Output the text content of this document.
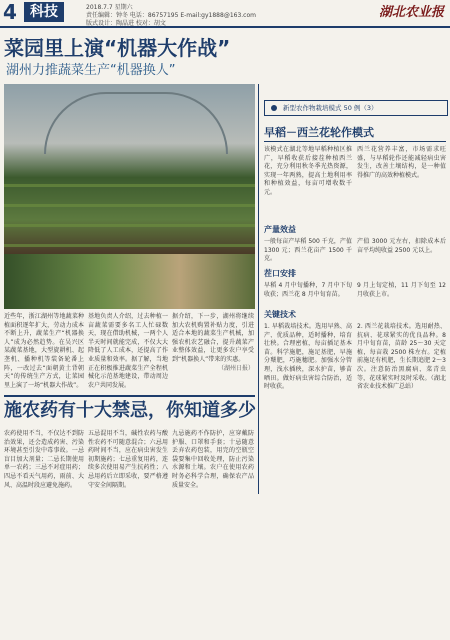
4 科技	2018.7.7 星期六
责任编辑：钟冬 电话：86757195 E-mail:gy1888@163.com
版式设计：陶晶进 校对：胡文
湖北农业报
菜园里上演“机器大作战”
湖州力推蔬菜生产“机器换人”

近些年，浙江湖州等地蔬菜种植面积逐年扩大，劳动力成本不断上升，蔬菜生产“机器换人”成为必然趋势。在吴兴区某蔬菜基地，大型旋耕机、起垄机、播种机等装备轮番上阵，一改过去“面朝黄土背朝天”的传统生产方式，让菜园里上演了一场“机器大作战”。

基地负责人介绍，过去种植一亩蔬菜需要多名工人忙碌数天，现在借助机械，一两个人半天时间就能完成，不仅大大降低了人工成本，还提高了作业质量和效率。据了解，当地正在积极推进蔬菜生产全程机械化示范基地建设，带动周边农户共同发展。

据介绍，下一步，湖州将继续加大农机购置补贴力度，引进适合本地的蔬菜生产机械，加强农机农艺融合，提升蔬菜产业整体效益，让更多农户享受到“机器换人”带来的实惠。

（湖州日报）

施农药有十大禁忌，你知道多少

农药使用不当，不仅达不到防治效果，还会造成药害、污染环境甚至引发中毒事故。一忌盲目加大剂量；二忌长期使用单一农药；三忌不对症用药；四忌不看天气用药，雨前、大风、高温时段应避免施药。

五忌混用不当，碱性农药与酸性农药不可随意混合；六忌用药时间不当，应在病虫害发生初期施药；七忌重复用药，连续多次使用易产生抗药性；八忌用药后立即采收，要严格遵守安全间隔期。

九忌施药不作防护，应穿戴防护服、口罩和手套；十忌随意丢弃农药包装，用完的空瓶空袋要集中回收处理，防止污染水源和土壤。农户在使用农药时务必科学合理，确保农产品质量安全。

新型农作物栽培模式 50 例（3）
早稻－西兰花轮作模式
该模式在湖北等地早稻种植区推广，早稻收获后接茬种植西兰花，充分利用秋冬季光热资源，实现一年两熟，提高土地利用率和种植效益，每亩可增收数千元。
西兰花营养丰富，市场需求旺盛，与早稻轮作还能减轻病虫害发生，改善土壤结构，是一种值得推广的高效种植模式。
产量效益
一般每亩产早稻 500 千克，产值 1300 元；西兰花亩产 1500 千克。
产值 3000 元左右，扣除成本后亩平均纯收益 2500 元以上。
茬口安排
早稻 4 月中旬播种，7 月中下旬收获；西兰花 8 月中旬育苗。
9 月上旬定植，11 月下旬至 12 月收获上市。
关键技术
1. 早稻栽培技术。选用早熟、高产、优质品种，适时播种，培育壮秧。合理密植，每亩插足基本苗。科学施肥，施足基肥，早施分蘖肥，巧施穗肥。加强水分管理，浅水插秧，深水护苗，够苗晒田。做好病虫害综合防治，适时收获。
2. 西兰花栽培技术。选用耐热、抗病、花球紧实的优良品种。8 月中旬育苗，苗龄 25～30 天定植，每亩栽 2500 株左右。定植前施足有机肥，生长期追肥 2～3 次。注意防治黑腐病、菜青虫等，花球紧实时及时采收。（湖北省农业技术推广总站）
